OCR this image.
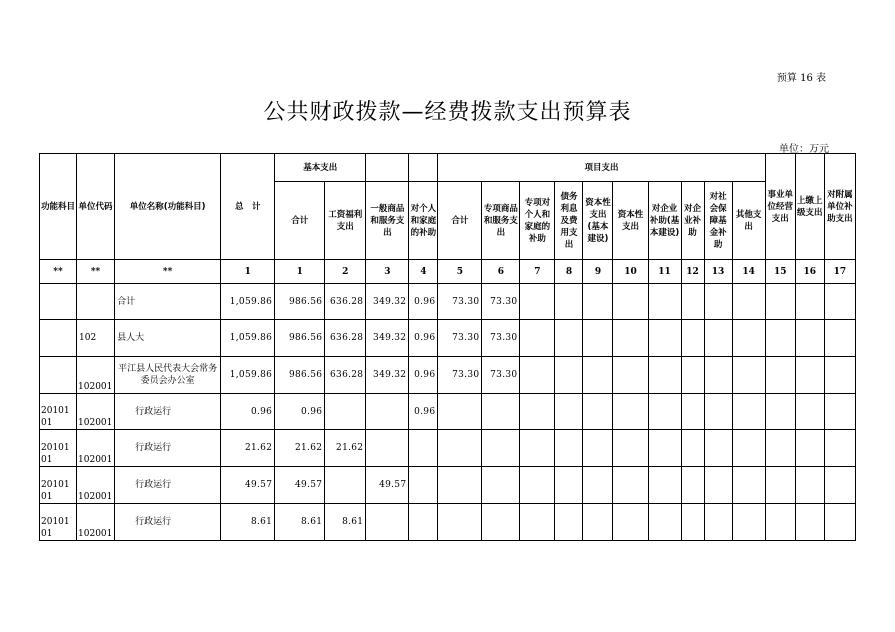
预算 16 表
公共财政拨款—经费拨款支出预算表
单位：万元
功能科目	单位代码	单位名称(功能科目)	总　计	基本支出				项目支出										事业单位经营支出	上缴上级支出	对附属单位补助支出
				合计	工资福利支出	一般商品和服务支出	对个人和家庭的补助	合计	专项商品和服务支出	专项对个人和家庭的补助	债务利息及费用支出	资本性支出(基本建设)	资本性支出	对企业补助(基本建设)	对企业补助	对社会保障基金补助	其他支出			
**	**	**	1	1	2	3	4	5	6	7	8	9	10	11	12	13	14	15	16	17
		合计	1,059.86	986.56	636.28	349.32	0.96	73.30	73.30											
	102	县人大	1,059.86	986.56	636.28	349.32	0.96	73.30	73.30											
	102001	平江县人民代表大会常务委员会办公室	1,059.86	986.56	636.28	349.32	0.96	73.30	73.30											
2010101	102001	行政运行	0.96	0.96			0.96													
2010101	102001	行政运行	21.62	21.62	21.62															
2010101	102001	行政运行	49.57	49.57		49.57														
2010101	102001	行政运行	8.61	8.61	8.61															
